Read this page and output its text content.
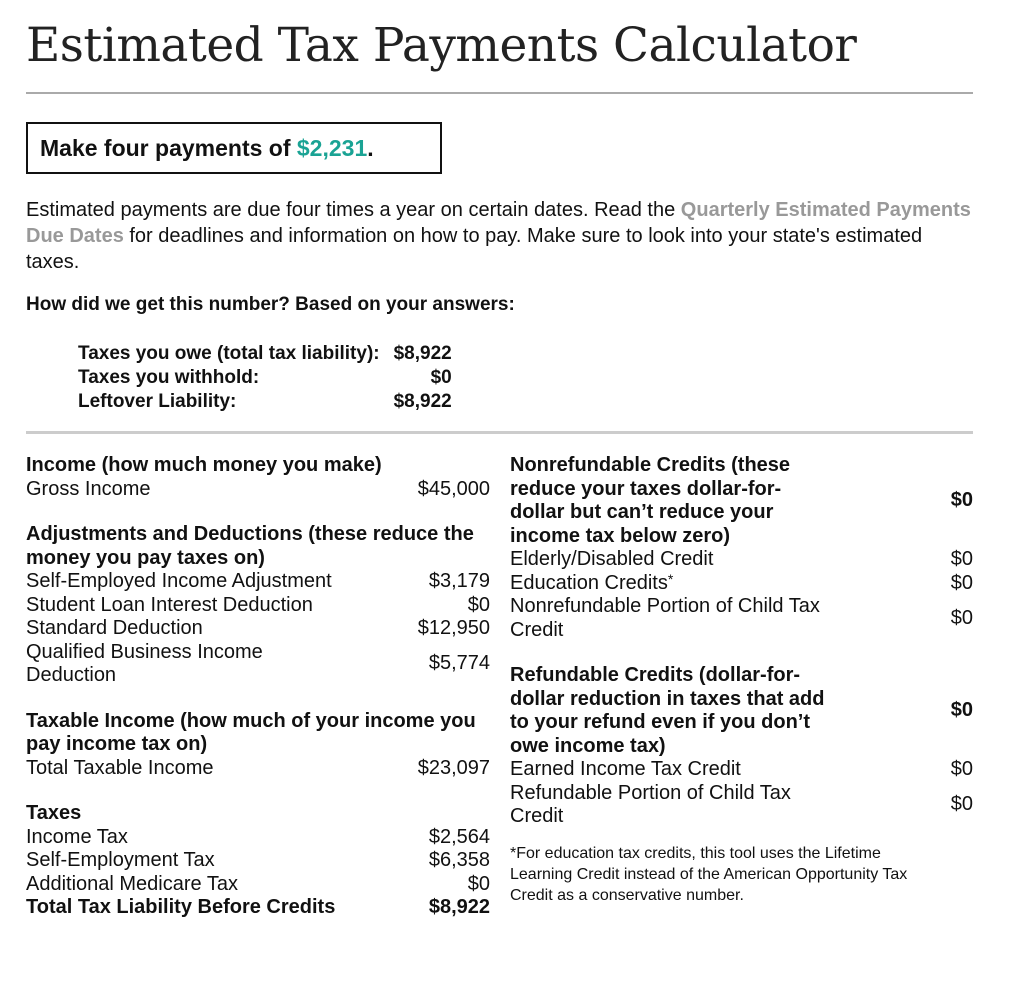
Estimated Tax Payments Calculator
Make four payments of $2,231.
Estimated payments are due four times a year on certain dates. Read the Quarterly Estimated Payments Due Dates for deadlines and information on how to pay. Make sure to look into your state's estimated taxes.
How did we get this number? Based on your answers:
Taxes you owe (total tax liability):	$8,922
Taxes you withhold:	$0
Leftover Liability:	$8,922
Income (how much money you make)	
Gross Income	$45,000

Adjustments and Deductions (these reduce the money you pay taxes on)	
Self-Employed Income Adjustment	$3,179
Student Loan Interest Deduction	$0
Standard Deduction	$12,950
Qualified Business Income Deduction	$5,774

Taxable Income (how much of your income you pay income tax on)	
Total Taxable Income	$23,097

Taxes	
Income Tax	$2,564
Self-Employment Tax	$6,358
Additional Medicare Tax	$0
Total Tax Liability Before Credits	$8,922
Nonrefundable Credits (these reduce your taxes dollar-for-dollar but can’t reduce your income tax below zero)	$0
Elderly/Disabled Credit	$0
Education Credits*	$0
Nonrefundable Portion of Child Tax Credit	$0

Refundable Credits (dollar-for-dollar reduction in taxes that add to your refund even if you don’t owe income tax)	$0
Earned Income Tax Credit	$0
Refundable Portion of Child Tax Credit	$0
*For education tax credits, this tool uses the Lifetime Learning Credit instead of the American Opportunity Tax Credit as a conservative number.
